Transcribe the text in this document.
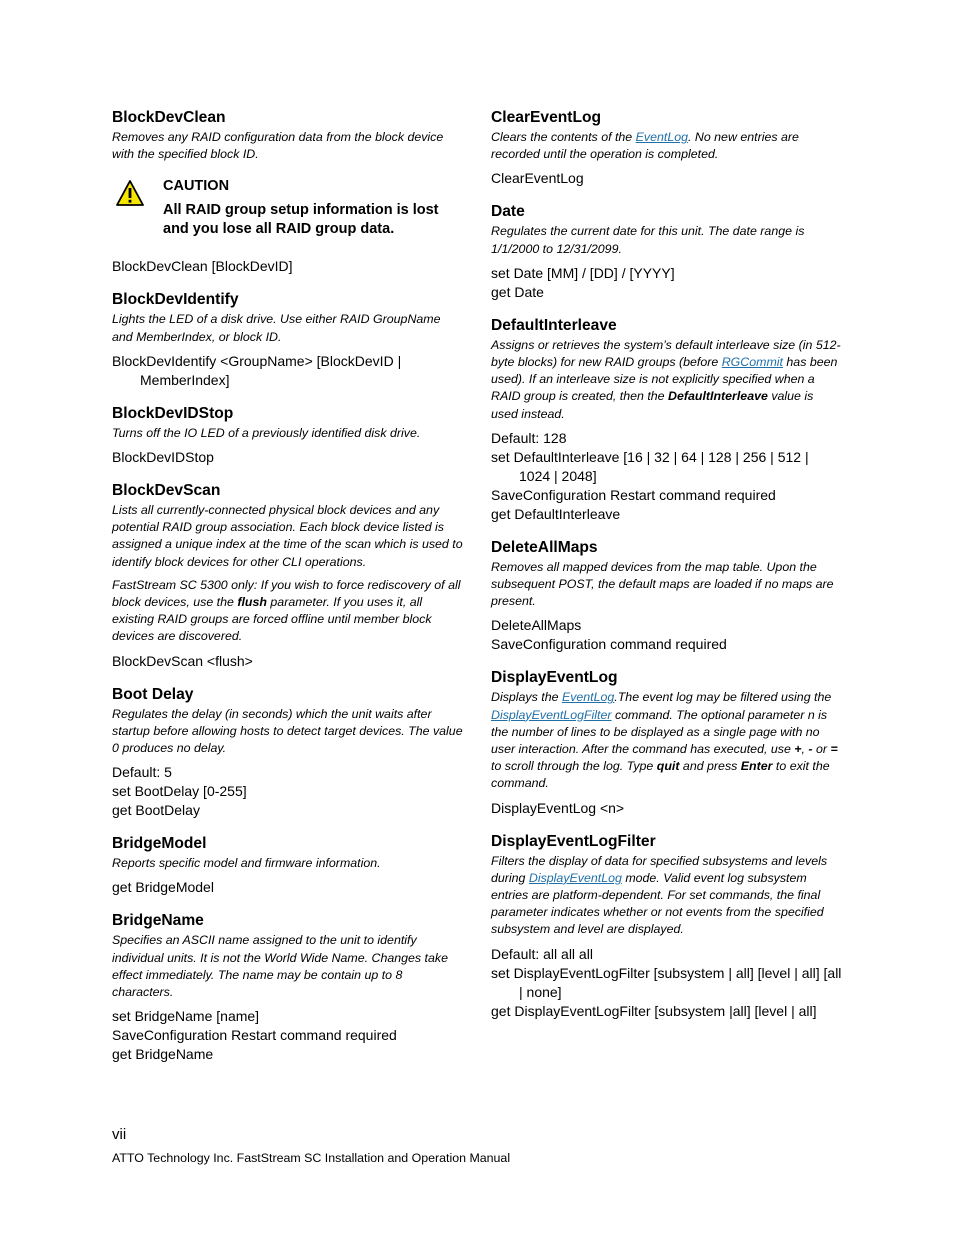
BlockDevClean

Removes any RAID configuration data from the block device with the specified block ID.

CAUTION

All RAID group setup information is lost and you lose all RAID group data.

BlockDevClean [BlockDevID]

BlockDevIdentify

Lights the LED of a disk drive. Use either RAID GroupName and MemberIndex, or block ID.

BlockDevIdentify <GroupName> [BlockDevID | MemberIndex]

BlockDevIDStop

Turns off the IO LED of a previously identified disk drive.

BlockDevIDStop

BlockDevScan

Lists all currently-connected physical block devices and any potential RAID group association. Each block device listed is assigned a unique index at the time of the scan which is used to identify block devices for other CLI operations.

FastStream SC 5300 only: If you wish to force rediscovery of all block devices, use the flush parameter. If you uses it, all existing RAID groups are forced offline until member block devices are discovered.

BlockDevScan <flush>

Boot Delay

Regulates the delay (in seconds) which the unit waits after startup before allowing hosts to detect target devices. The value 0 produces no delay.

Default: 5

set BootDelay [0-255]

get BootDelay

BridgeModel

Reports specific model and firmware information.

get BridgeModel

BridgeName

Specifies an ASCII name assigned to the unit to identify individual units. It is not the World Wide Name. Changes take effect immediately. The name may be contain up to 8 characters.

set BridgeName [name]

SaveConfiguration Restart command required

get BridgeName

ClearEventLog

Clears the contents of the EventLog. No new entries are recorded until the operation is completed.

ClearEventLog

Date

Regulates the current date for this unit. The date range is 1/1/2000 to 12/31/2099.

set Date [MM] / [DD] / [YYYY]

get Date

DefaultInterleave

Assigns or retrieves the system’s default interleave size (in 512-byte blocks) for new RAID groups (before RGCommit has been used). If an interleave size is not explicitly specified when a RAID group is created, then the DefaultInterleave value is used instead.

Default: 128

set DefaultInterleave [16 | 32 | 64 | 128 | 256 | 512 | 1024 | 2048]

SaveConfiguration Restart command required

get DefaultInterleave

DeleteAllMaps

Removes all mapped devices from the map table. Upon the subsequent POST, the default maps are loaded if no maps are present.

DeleteAllMaps

SaveConfiguration command required

DisplayEventLog

Displays the EventLog.The event log may be filtered using the DisplayEventLogFilter command. The optional parameter n is the number of lines to be displayed as a single page with no user interaction. After the command has executed, use +, - or = to scroll through the log. Type quit and press Enter to exit the command.

DisplayEventLog <n>

DisplayEventLogFilter

Filters the display of data for specified subsystems and levels during DisplayEventLog mode. Valid event log subsystem entries are platform-dependent. For set commands, the final parameter indicates whether or not events from the specified subsystem and level are displayed.

Default: all all all

set DisplayEventLogFilter [subsystem | all] [level | all] [all | none]

get DisplayEventLogFilter [subsystem |all] [level | all]

vii
ATTO Technology Inc. FastStream SC Installation and Operation Manual
